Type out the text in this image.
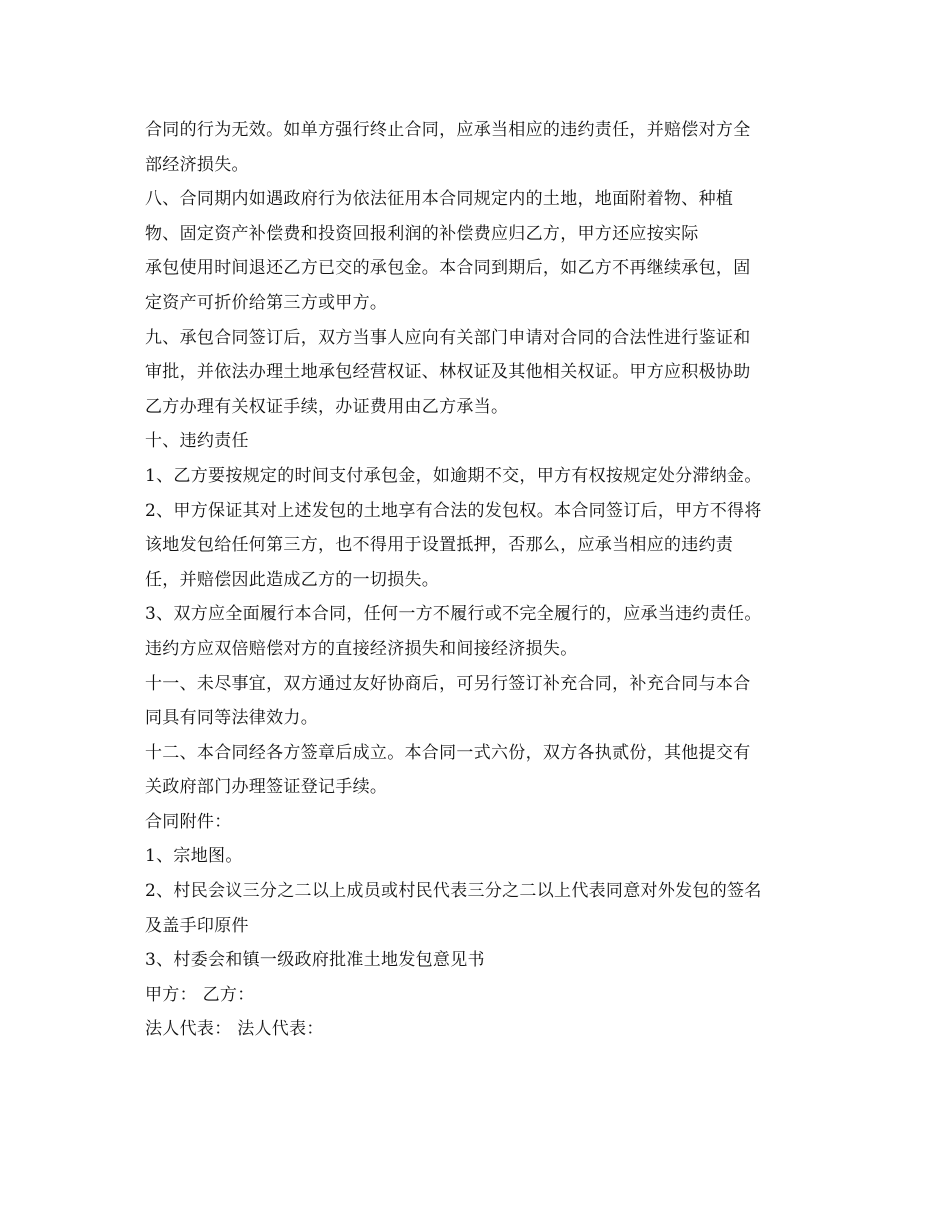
合同的行为无效。如单方强行终止合同，应承当相应的违约责任，并赔偿对方全
部经济损失。
八、合同期内如遇政府行为依法征用本合同规定内的土地，地面附着物、种植
物、固定资产补偿费和投资回报利润的补偿费应归乙方，甲方还应按实际
承包使用时间退还乙方已交的承包金。本合同到期后，如乙方不再继续承包，固
定资产可折价给第三方或甲方。
九、承包合同签订后，双方当事人应向有关部门申请对合同的合法性进行鉴证和
审批，并依法办理土地承包经营权证、林权证及其他相关权证。甲方应积极协助
乙方办理有关权证手续，办证费用由乙方承当。
十、违约责任
1、乙方要按规定的时间支付承包金，如逾期不交，甲方有权按规定处分滞纳金。
2、甲方保证其对上述发包的土地享有合法的发包权。本合同签订后，甲方不得将
该地发包给任何第三方，也不得用于设置抵押，否那么，应承当相应的违约责
任，并赔偿因此造成乙方的一切损失。
3、双方应全面履行本合同，任何一方不履行或不完全履行的，应承当违约责任。
违约方应双倍赔偿对方的直接经济损失和间接经济损失。
十一、未尽事宜，双方通过友好协商后，可另行签订补充合同，补充合同与本合
同具有同等法律效力。
十二、本合同经各方签章后成立。本合同一式六份，双方各执贰份，其他提交有
关政府部门办理签证登记手续。
合同附件：
1、宗地图。
2、村民会议三分之二以上成员或村民代表三分之二以上代表同意对外发包的签名
及盖手印原件
3、村委会和镇一级政府批准土地发包意见书
甲方： 乙方：
法人代表： 法人代表：
